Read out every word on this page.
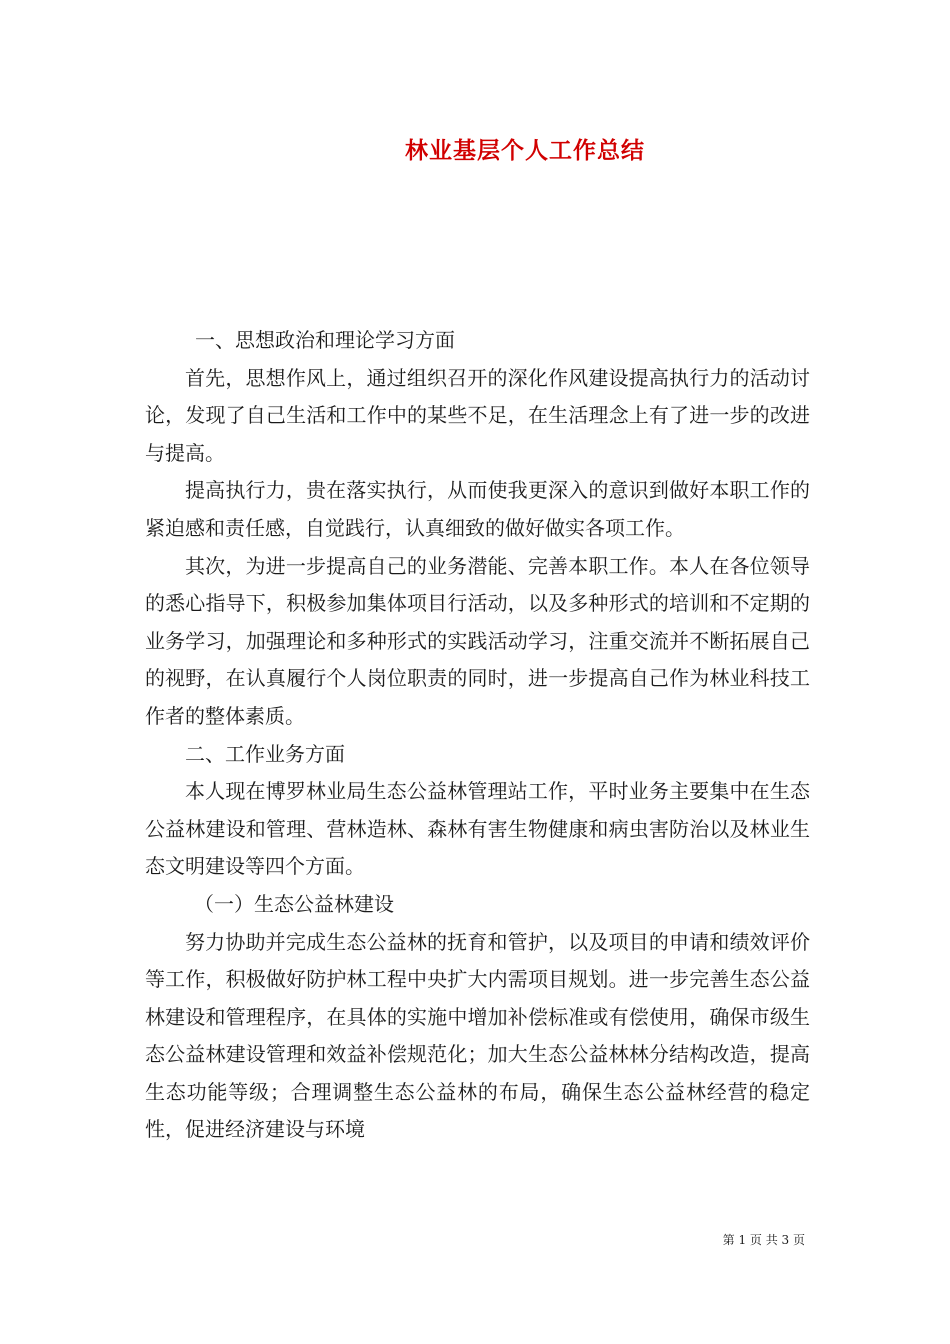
林业基层个人工作总结

一、思想政治和理论学习方面

首先，思想作风上，通过组织召开的深化作风建设提高执行力的活动讨论，发现了自己生活和工作中的某些不足，在生活理念上有了进一步的改进与提高。

提高执行力，贵在落实执行，从而使我更深入的意识到做好本职工作的紧迫感和责任感，自觉践行，认真细致的做好做实各项工作。

其次，为进一步提高自己的业务潜能、完善本职工作。本人在各位领导的悉心指导下，积极参加集体项目行活动，以及多种形式的培训和不定期的业务学习，加强理论和多种形式的实践活动学习，注重交流并不断拓展自己的视野，在认真履行个人岗位职责的同时，进一步提高自己作为林业科技工作者的整体素质。

二、工作业务方面

本人现在博罗林业局生态公益林管理站工作，平时业务主要集中在生态公益林建设和管理、营林造林、森林有害生物健康和病虫害防治以及林业生态文明建设等四个方面。

（一）生态公益林建设

努力协助并完成生态公益林的抚育和管护，以及项目的申请和绩效评价等工作，积极做好防护林工程中央扩大内需项目规划。进一步完善生态公益林建设和管理程序，在具体的实施中增加补偿标准或有偿使用，确保市级生态公益林建设管理和效益补偿规范化；加大生态公益林林分结构改造，提高生态功能等级；合理调整生态公益林的布局，确保生态公益林经营的稳定性，促进经济建设与环境

第 1 页 共 3 页
